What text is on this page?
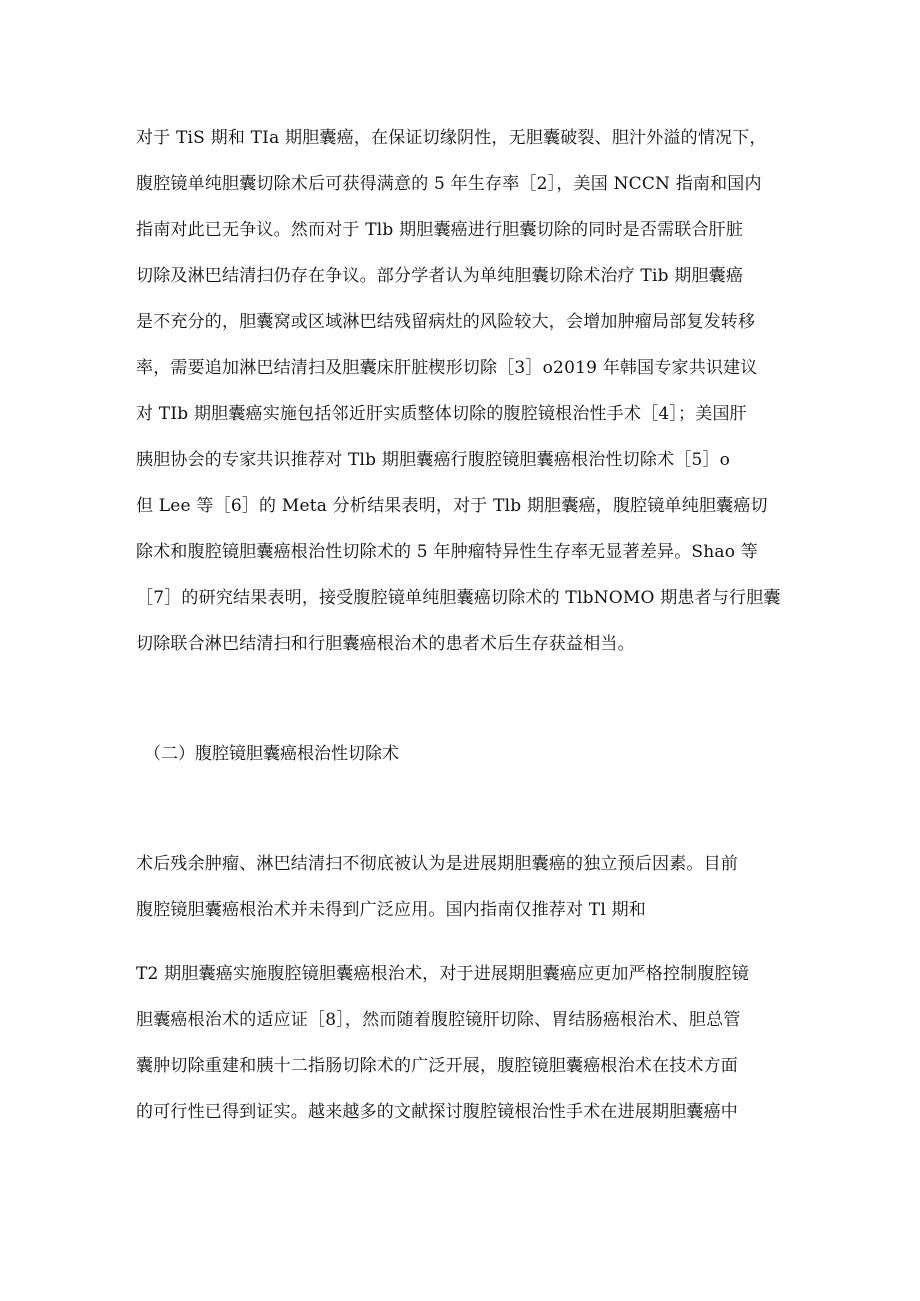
对于 TiS 期和 TIa 期胆囊癌，在保证切缘阴性，无胆囊破裂、胆汁外溢的情况下，
腹腔镜单纯胆囊切除术后可获得满意的 5 年生存率［2］，美国 NCCN 指南和国内
指南对此已无争议。然而对于 Tlb 期胆囊癌进行胆囊切除的同时是否需联合肝脏
切除及淋巴结清扫仍存在争议。部分学者认为单纯胆囊切除术治疗 Tib 期胆囊癌
是不充分的，胆囊窝或区域淋巴结残留病灶的风险较大，会增加肿瘤局部复发转移
率，需要追加淋巴结清扫及胆囊床肝脏楔形切除［3］o2019 年韩国专家共识建议
对 TIb 期胆囊癌实施包括邻近肝实质整体切除的腹腔镜根治性手术［4］；美国肝
胰胆协会的专家共识推荐对 Tlb 期胆囊癌行腹腔镜胆囊癌根治性切除术［5］o
但 Lee 等［6］的 Meta 分析结果表明，对于 Tlb 期胆囊癌，腹腔镜单纯胆囊癌切
除术和腹腔镜胆囊癌根治性切除术的 5 年肿瘤特异性生存率无显著差异。Shao 等
［7］的研究结果表明，接受腹腔镜单纯胆囊癌切除术的 TlbNOMO 期患者与行胆囊
切除联合淋巴结清扫和行胆囊癌根治术的患者术后生存获益相当。
（二）腹腔镜胆囊癌根治性切除术
术后残余肿瘤、淋巴结清扫不彻底被认为是进展期胆囊癌的独立预后因素。目前
腹腔镜胆囊癌根治术并未得到广泛应用。国内指南仅推荐对 Tl 期和
T2 期胆囊癌实施腹腔镜胆囊癌根治术，对于进展期胆囊癌应更加严格控制腹腔镜
胆囊癌根治术的适应证［8］，然而随着腹腔镜肝切除、胃结肠癌根治术、胆总管
囊肿切除重建和胰十二指肠切除术的广泛开展，腹腔镜胆囊癌根治术在技术方面
的可行性已得到证实。越来越多的文献探讨腹腔镜根治性手术在进展期胆囊癌中
